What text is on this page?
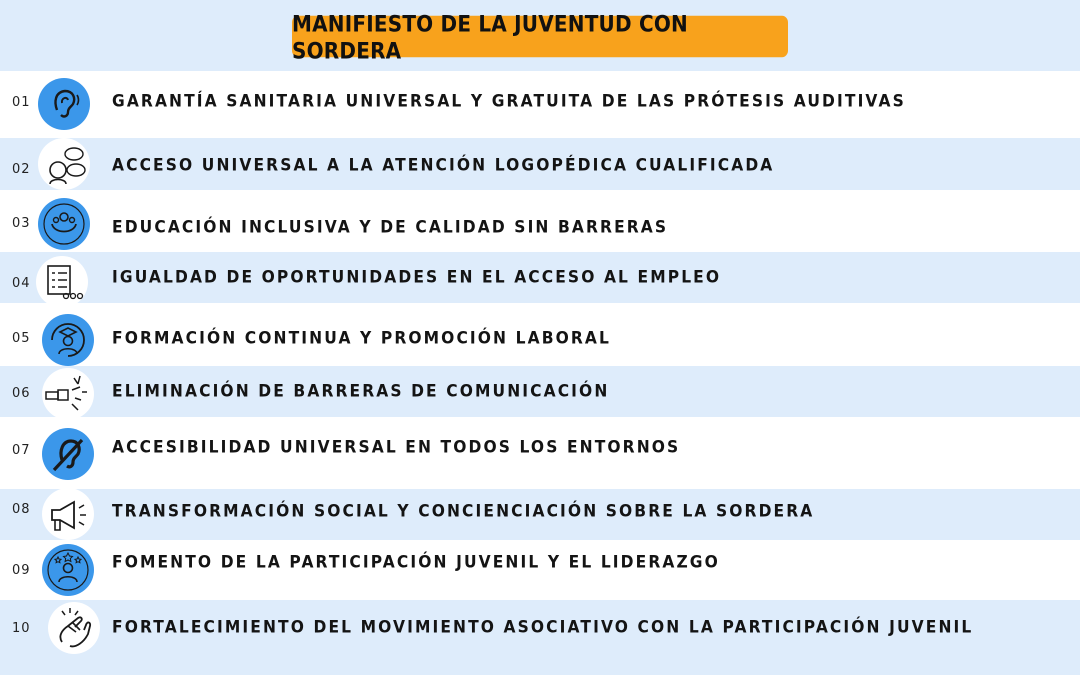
MANIFIESTO DE LA JUVENTUD CON SORDERA
01	GARANTÍA SANITARIA UNIVERSAL Y GRATUITA DE LAS PRÓTESIS AUDITIVAS
02	ACCESO UNIVERSAL A LA ATENCIÓN LOGOPÉDICA CUALIFICADA
03	EDUCACIÓN INCLUSIVA Y DE CALIDAD SIN BARRERAS
04	IGUALDAD DE OPORTUNIDADES EN EL ACCESO AL EMPLEO
05	FORMACIÓN CONTINUA Y PROMOCIÓN LABORAL
06	ELIMINACIÓN DE BARRERAS DE COMUNICACIÓN
07	ACCESIBILIDAD UNIVERSAL EN TODOS LOS ENTORNOS
08	TRANSFORMACIÓN SOCIAL Y CONCIENCIACIÓN SOBRE LA SORDERA
09	FOMENTO DE LA PARTICIPACIÓN JUVENIL Y EL LIDERAZGO
10	FORTALECIMIENTO DEL MOVIMIENTO ASOCIATIVO CON LA PARTICIPACIÓN JUVENIL
